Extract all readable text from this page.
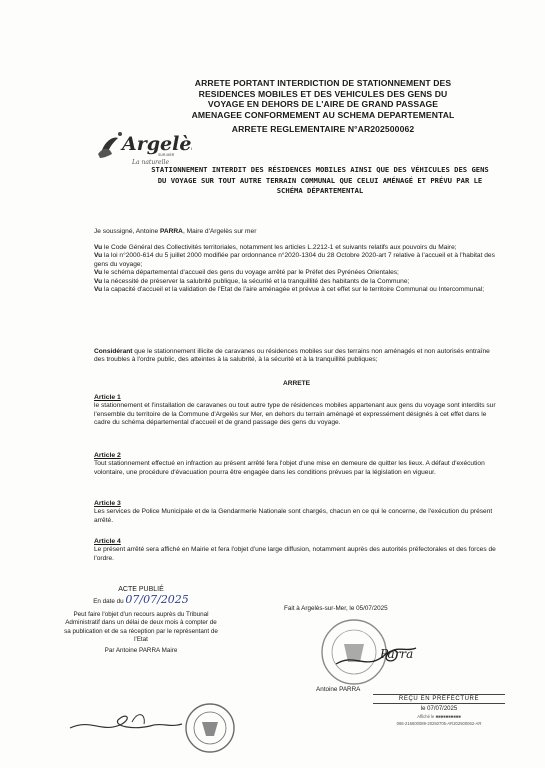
Argelè
SUR-MER
La naturelle
ARRETE PORTANT INTERDICTION DE STATIONNEMENT DES RESIDENCES MOBILES ET DES VEHICULES DES GENS DU VOYAGE EN DEHORS DE L'AIRE DE GRAND PASSAGE AMENAGEE CONFORMEMENT AU SCHEMA DEPARTEMENTAL
ARRETE REGLEMENTAIRE N°AR202500062
STATIONNEMENT INTERDIT DES RÉSIDENCES MOBILES AINSI QUE DES VÉHICULES DES GENS DU VOYAGE SUR TOUT AUTRE TERRAIN COMMUNAL QUE CELUI AMÉNAGÉ ET PRÉVU PAR LE SCHÉMA DÉPARTEMENTAL
Je soussigné, Antoine PARRA, Maire d'Argelès sur mer
Vu le Code Général des Collectivités territoriales, notamment les articles L.2212-1 et suivants relatifs aux pouvoirs du Maire;
Vu la loi n°2000-614 du 5 juillet 2000 modifiée par ordonnance n°2020-1304 du 28 Octobre 2020-art 7 relative à l'accueil et à l'habitat des gens du voyage;
Vu le schéma départemental d'accueil des gens du voyage arrêté par le Préfet des Pyrénées Orientales;
Vu la nécessité de préserver la salubrité publique, la sécurité et la tranquillité des habitants de la Commune;
Vu la capacité d'accueil et la validation de l'Etat de l'aire aménagée et prévue à cet effet sur le territoire Communal ou Intercommunal;
Considérant que le stationnement illicite de caravanes ou résidences mobiles sur des terrains non aménagés et non autorisés entraîne des troubles à l'ordre public, des atteintes à la salubrité, à la sécurité et à la tranquillité publiques;
ARRETE
Article 1
le stationnement et l'installation de caravanes ou tout autre type de résidences mobiles appartenant aux gens du voyage sont interdits sur l'ensemble du territoire de la Commune d'Argelès sur Mer, en dehors du terrain aménagé et expressément désignés à cet effet dans le cadre du schéma départemental d'accueil et de grand passage des gens du voyage.
Article 2
Tout stationnement effectué en infraction au présent arrêté fera l'objet d'une mise en demeure de quitter les lieux. A défaut d'exécution volontaire, une procédure d'évacuation pourra être engagée dans les conditions prévues par la législation en vigueur.
Article 3
Les services de Police Municipale et de la Gendarmerie Nationale sont chargés, chacun en ce qui le concerne, de l'exécution du présent arrêté.
Article 4
Le présent arrêté sera affiché en Mairie et fera l'objet d'une large diffusion, notamment auprès des autorités préfectorales et des forces de l'ordre.
ACTE PUBLIÉ
En date du 07/07/2025
Peut faire l'objet d'un recours auprès du Tribunal Administratif dans un délai de deux mois à compter de sa publication et de sa réception par le représentant de l'Etat
Par Antoine PARRA Maire
Fait à Argelès-sur-Mer, le 05/07/2025
Parra
Antoine PARRA
REÇU EN PRÉFECTURE
le 07/07/2025
Affiché le ■■■■■■■■■■
066-216600089-20250705-AR202500062-AR
